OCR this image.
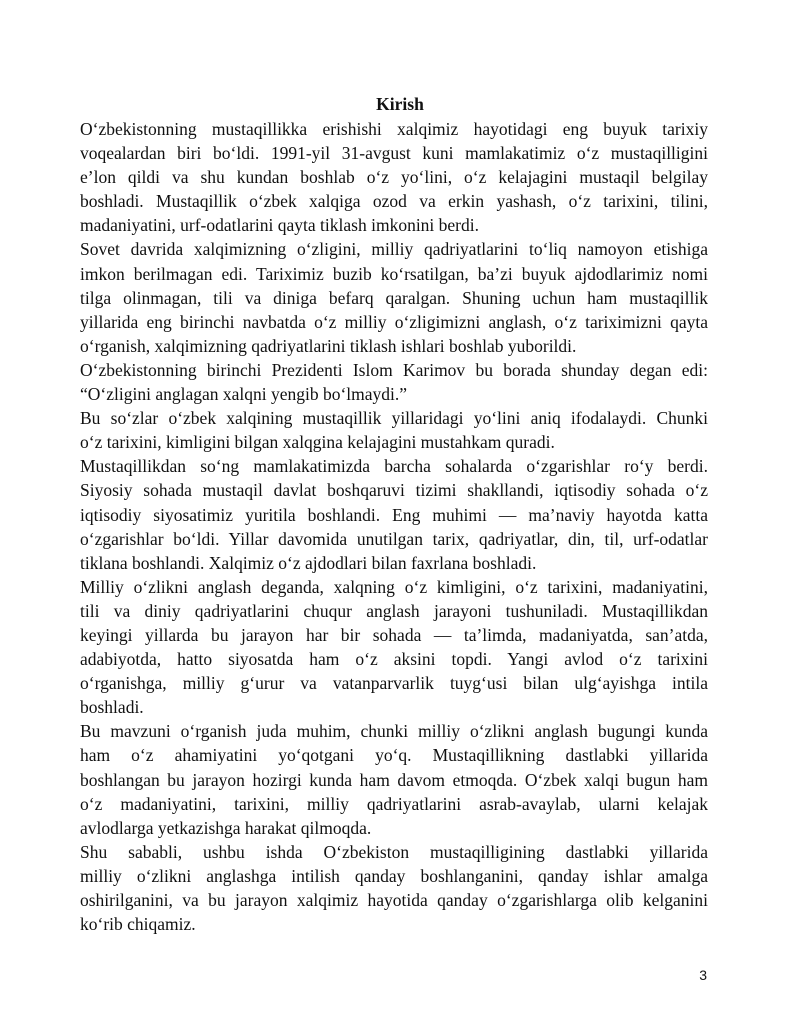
Kirish
O‘zbekistonning mustaqillikka erishishi xalqimiz hayotidagi eng buyuk tarixiy
voqealardan biri bo‘ldi. 1991-yil 31-avgust kuni mamlakatimiz o‘z mustaqilligini
e’lon qildi va shu kundan boshlab o‘z yo‘lini, o‘z kelajagini mustaqil belgilay
boshladi. Mustaqillik o‘zbek xalqiga ozod va erkin yashash, o‘z tarixini, tilini,
madaniyatini, urf-odatlarini qayta tiklash imkonini berdi.
Sovet davrida xalqimizning o‘zligini, milliy qadriyatlarini to‘liq namoyon etishiga
imkon berilmagan edi. Tariximiz buzib ko‘rsatilgan, ba’zi buyuk ajdodlarimiz nomi
tilga olinmagan, tili va diniga befarq qaralgan. Shuning uchun ham mustaqillik
yillarida eng birinchi navbatda o‘z milliy o‘zligimizni anglash, o‘z tariximizni qayta
o‘rganish, xalqimizning qadriyatlarini tiklash ishlari boshlab yuborildi.
O‘zbekistonning birinchi Prezidenti Islom Karimov bu borada shunday degan edi:
“O‘zligini anglagan xalqni yengib bo‘lmaydi.”
Bu so‘zlar o‘zbek xalqining mustaqillik yillaridagi yo‘lini aniq ifodalaydi. Chunki
o‘z tarixini, kimligini bilgan xalqgina kelajagini mustahkam quradi.
Mustaqillikdan so‘ng mamlakatimizda barcha sohalarda o‘zgarishlar ro‘y berdi.
Siyosiy sohada mustaqil davlat boshqaruvi tizimi shakllandi, iqtisodiy sohada o‘z
iqtisodiy siyosatimiz yuritila boshlandi. Eng muhimi — ma’naviy hayotda katta
o‘zgarishlar bo‘ldi. Yillar davomida unutilgan tarix, qadriyatlar, din, til, urf-odatlar
tiklana boshlandi. Xalqimiz o‘z ajdodlari bilan faxrlana boshladi.
Milliy o‘zlikni anglash deganda, xalqning o‘z kimligini, o‘z tarixini, madaniyatini,
tili va diniy qadriyatlarini chuqur anglash jarayoni tushuniladi. Mustaqillikdan
keyingi yillarda bu jarayon har bir sohada — ta’limda, madaniyatda, san’atda,
adabiyotda, hatto siyosatda ham o‘z aksini topdi. Yangi avlod o‘z tarixini
o‘rganishga, milliy g‘urur va vatanparvarlik tuyg‘usi bilan ulg‘ayishga intila
boshladi.
Bu mavzuni o‘rganish juda muhim, chunki milliy o‘zlikni anglash bugungi kunda
ham o‘z ahamiyatini yo‘qotgani yo‘q. Mustaqillikning dastlabki yillarida
boshlangan bu jarayon hozirgi kunda ham davom etmoqda. O‘zbek xalqi bugun ham
o‘z madaniyatini, tarixini, milliy qadriyatlarini asrab-avaylab, ularni kelajak
avlodlarga yetkazishga harakat qilmoqda.
Shu sababli, ushbu ishda O‘zbekiston mustaqilligining dastlabki yillarida
milliy o‘zlikni anglashga intilish qanday boshlanganini, qanday ishlar amalga
oshirilganini, va bu jarayon xalqimiz hayotida qanday o‘zgarishlarga olib kelganini
ko‘rib chiqamiz.
3
